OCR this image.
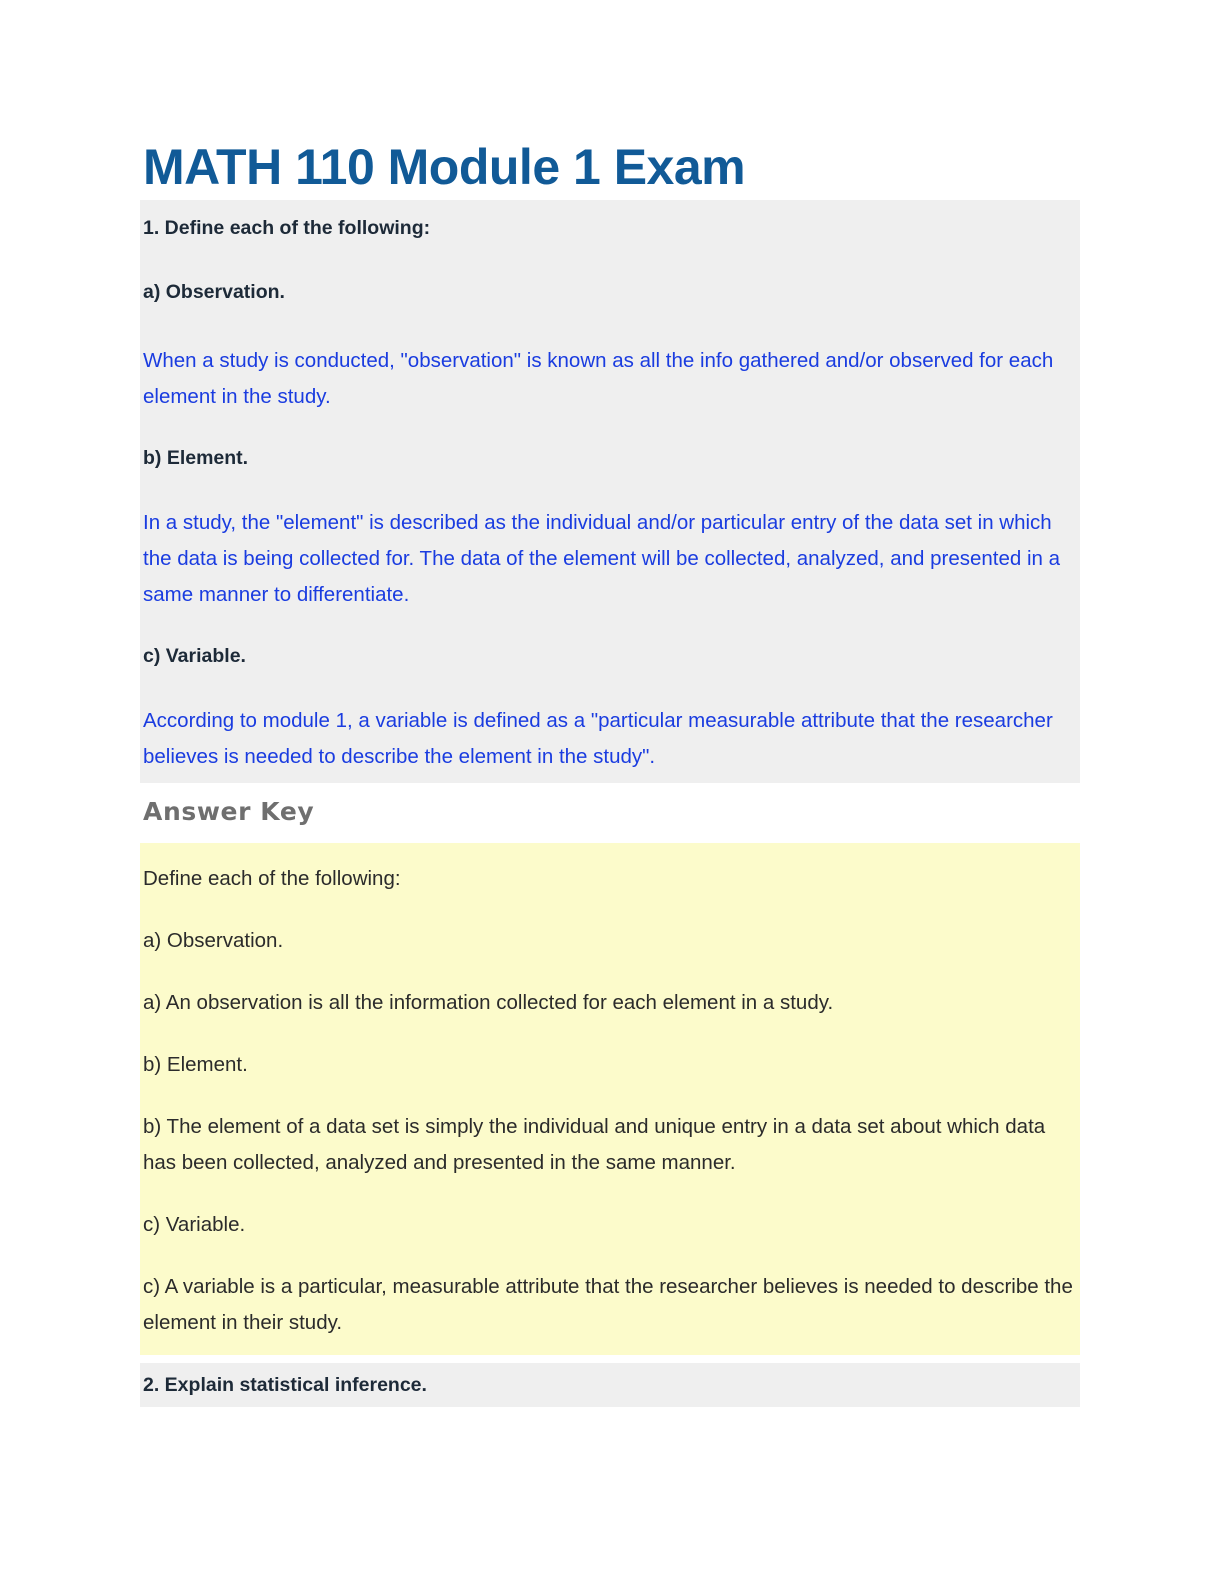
MATH 110 Module 1 Exam

1. Define each of the following:

a) Observation.

When a study is conducted, "observation" is known as all the info gathered and/or observed for each element in the study.

b) Element.

In a study, the "element" is described as the individual and/or particular entry of the data set in which the data is being collected for. The data of the element will be collected, analyzed, and presented in a same manner to differentiate.

c) Variable.

According to module 1, a variable is defined as a "particular measurable attribute that the researcher believes is needed to describe the element in the study".

Answer Key

Define each of the following:

a) Observation.

a) An observation is all the information collected for each element in a study.

b) Element.

b) The element of a data set is simply the individual and unique entry in a data set about which data has been collected, analyzed and presented in the same manner.

c) Variable.

c) A variable is a particular, measurable attribute that the researcher believes is needed to describe the element in their study.

2. Explain statistical inference.
